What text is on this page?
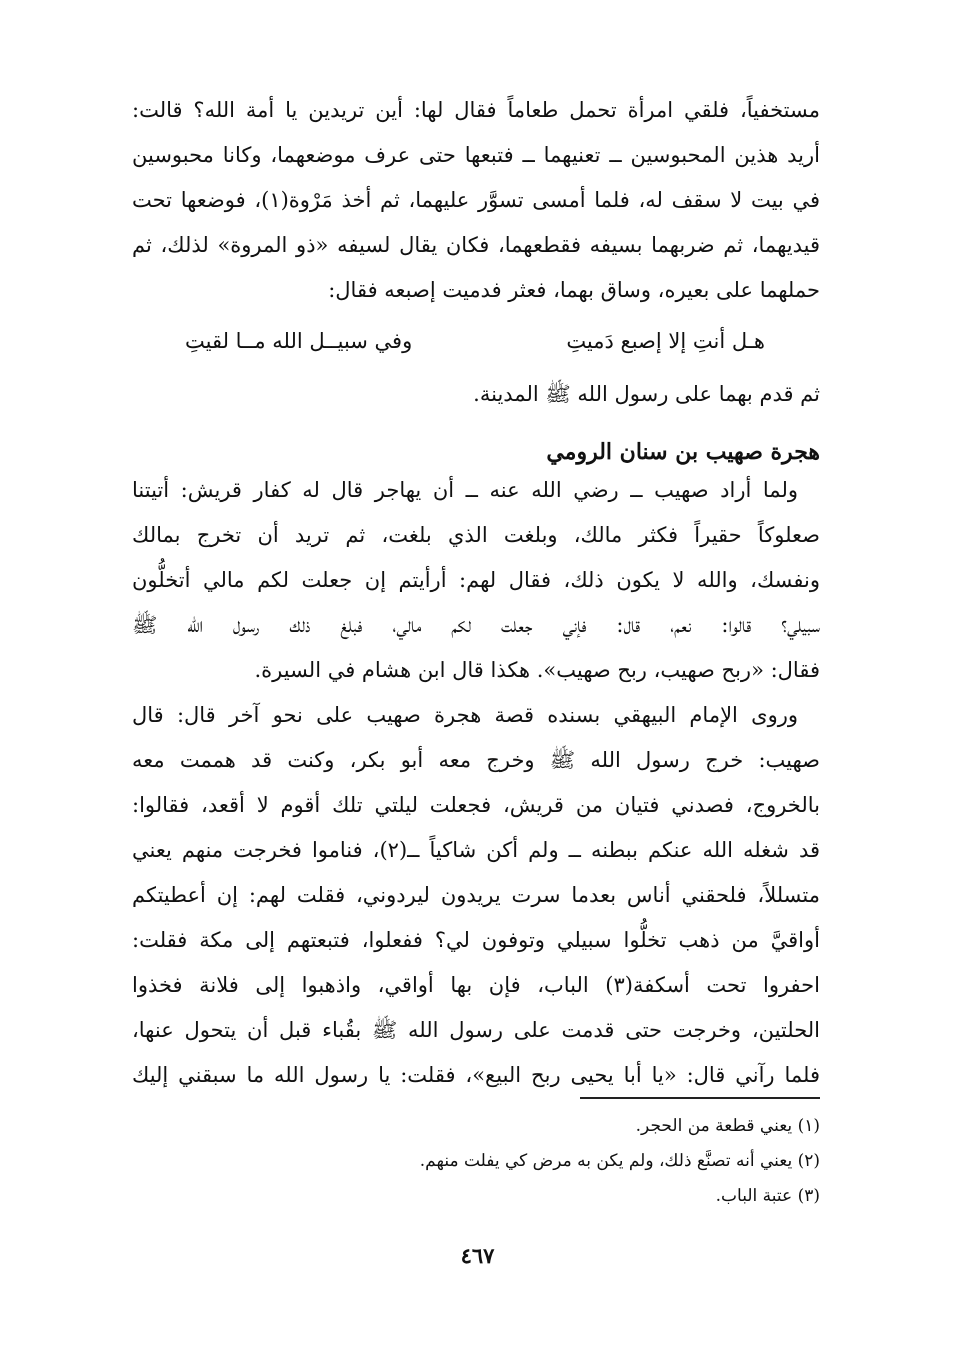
مستخفياً، فلقي امرأة تحمل طعاماً فقال لها: أين تريدين يا أمة الله؟ قالت:
أريد هذين المحبوسين ــ تعنيهما ــ فتبعها حتى عرف موضعهما، وكانا محبوسين
في بيت لا سقف له، فلما أمسى تسوَّر عليهما، ثم أخذ مَرْوة(١)، فوضعها تحت
قيديهما، ثم ضربهما بسيفه فقطعهما، فكان يقال لسيفه «ذو المروة» لذلك، ثم
حملهما على بعيره، وساق بهما، فعثر فدميت إصبعه فقال:
هـل أنتِ إلا إصبع دَميتِ
وفي سبيــل الله مــا لقيتِ
ثم قدم بهما على رسول الله ﷺ المدينة.
هجرة صهيب بن سنان الرومي
ولما أراد صهيب ــ رضي الله عنه ــ أن يهاجر قال له كفار قريش: أتيتنا
صعلوكاً حقيراً فكثر مالك، وبلغت الذي بلغت، ثم تريد أن تخرج بمالك
ونفسك، والله لا يكون ذلك، فقال لهم: أرأيتم إن جعلت لكم مالي أتخلُّون
سبيلي؟ قالوا: نعم، قال: فإني جعلت لكم مالي، فبلغ ذلك رسول الله ﷺ
فقال: «ربح صهيب، ربح صهيب». هكذا قال ابن هشام في السيرة.
وروى الإمام البيهقي بسنده قصة هجرة صهيب على نحو آخر قال: قال
صهيب: خرج رسول الله ﷺ وخرج معه أبو بكر، وكنت قد هممت معه
بالخروج، فصدني فتيان من قريش، فجعلت ليلتي تلك أقوم لا أقعد، فقالوا:
قد شغله الله عنكم ببطنه ــ ولم أكن شاكياً ــ(٢)، فناموا فخرجت منهم يعني
متسللاً، فلحقني أناس بعدما سرت يريدون ليردوني، فقلت لهم: إن أعطيتكم
أواقيَّ من ذهب تخلُّوا سبيلي وتوفون لي؟ ففعلوا، فتبعتهم إلى مكة فقلت:
احفروا تحت أسكفة(٣) الباب، فإن بها أواقي، واذهبوا إلى فلانة فخذوا
الحلتين، وخرجت حتى قدمت على رسول الله ﷺ بقُباء قبل أن يتحول عنها،
فلما رآني قال: «يا أبا يحيى ربح البيع»، فقلت: يا رسول الله ما سبقني إليك
(١) يعني قطعة من الحجر.
(٢) يعني أنه تصنَّع ذلك، ولم يكن به مرض كي يفلت منهم.
(٣) عتبة الباب.
٤٦٧
